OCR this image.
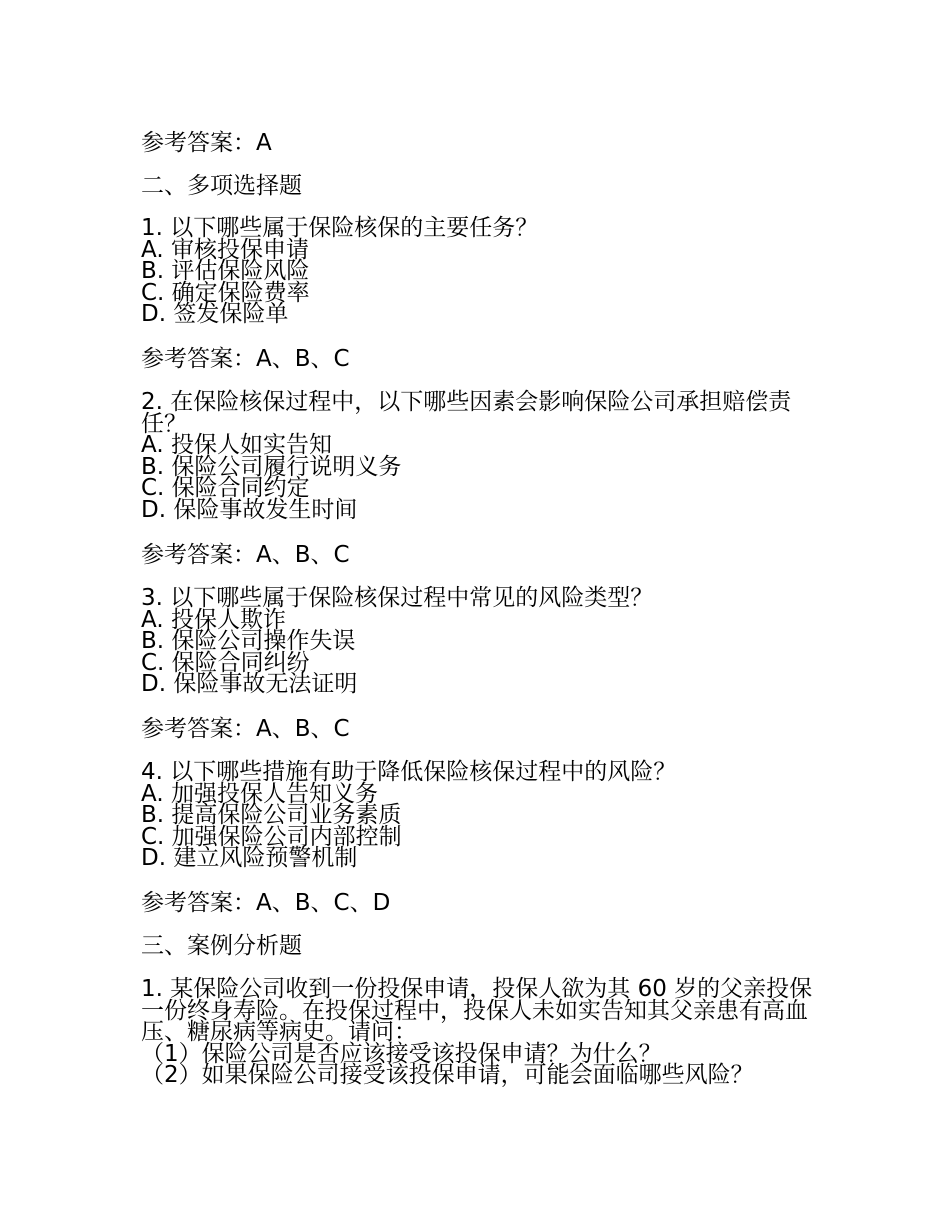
参考答案：A
二、多项选择题
1. 以下哪些属于保险核保的主要任务？
A. 审核投保申请
B. 评估保险风险
C. 确定保险费率
D. 签发保险单
参考答案：A、B、C
2. 在保险核保过程中，以下哪些因素会影响保险公司承担赔偿责任？
A. 投保人如实告知
B. 保险公司履行说明义务
C. 保险合同约定
D. 保险事故发生时间
参考答案：A、B、C
3. 以下哪些属于保险核保过程中常见的风险类型？
A. 投保人欺诈
B. 保险公司操作失误
C. 保险合同纠纷
D. 保险事故无法证明
参考答案：A、B、C
4. 以下哪些措施有助于降低保险核保过程中的风险？
A. 加强投保人告知义务
B. 提高保险公司业务素质
C. 加强保险公司内部控制
D. 建立风险预警机制
参考答案：A、B、C、D
三、案例分析题
1. 某保险公司收到一份投保申请，投保人欲为其 60 岁的父亲投保一份终身寿险。在投保过程中，投保人未如实告知其父亲患有高血压、糖尿病等病史。请问：
（1）保险公司是否应该接受该投保申请？为什么？
（2）如果保险公司接受该投保申请，可能会面临哪些风险？
